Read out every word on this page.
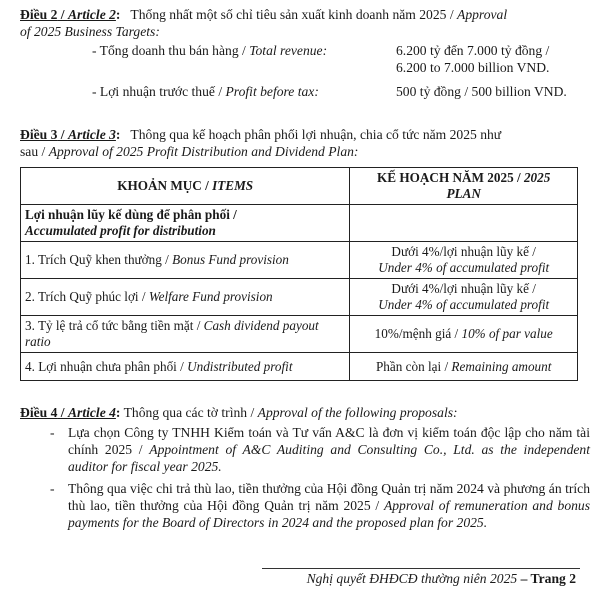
Điều 2 / Article 2: Thống nhất một số chỉ tiêu sản xuất kinh doanh năm 2025 / Approval
of 2025 Business Targets:
- Tổng doanh thu bán hàng / Total revenue:	6.200 tỷ đến 7.000 tỷ đồng /
6.200 to 7.000 billion VND.
- Lợi nhuận trước thuế / Profit before tax:	500 tỷ đồng / 500 billion VND.
Điều 3 / Article 3: Thông qua kế hoạch phân phối lợi nhuận, chia cổ tức năm 2025 như
sau / Approval of 2025 Profit Distribution and Dividend Plan:
KHOẢN MỤC / ITEMS	KẾ HOẠCH NĂM 2025 / 2025
PLAN
Lợi nhuận lũy kế dùng để phân phối /
Accumulated profit for distribution	
1. Trích Quỹ khen thưởng / Bonus Fund provision	Dưới 4%/lợi nhuận lũy kế /
Under 4% of accumulated profit
2. Trích Quỹ phúc lợi / Welfare Fund provision	Dưới 4%/lợi nhuận lũy kế /
Under 4% of accumulated profit
3. Tỷ lệ trả cổ tức bằng tiền mặt / Cash dividend payout ratio	10%/mệnh giá / 10% of par value
4. Lợi nhuận chưa phân phối / Undistributed profit	Phần còn lại / Remaining amount
Điều 4 / Article 4: Thông qua các tờ trình / Approval of the following proposals:
- Lựa chọn Công ty TNHH Kiểm toán và Tư vấn A&C là đơn vị kiểm toán độc lập cho năm tài chính 2025 / Appointment of A&C Auditing and Consulting Co., Ltd. as the independent auditor for fiscal year 2025.
- Thông qua việc chi trả thù lao, tiền thưởng của Hội đồng Quản trị năm 2024 và phương án trích thù lao, tiền thưởng của Hội đồng Quản trị năm 2025 / Approval of remuneration and bonus payments for the Board of Directors in 2024 and the proposed plan for 2025.
Nghị quyết ĐHĐCĐ thường niên 2025 – Trang 2
